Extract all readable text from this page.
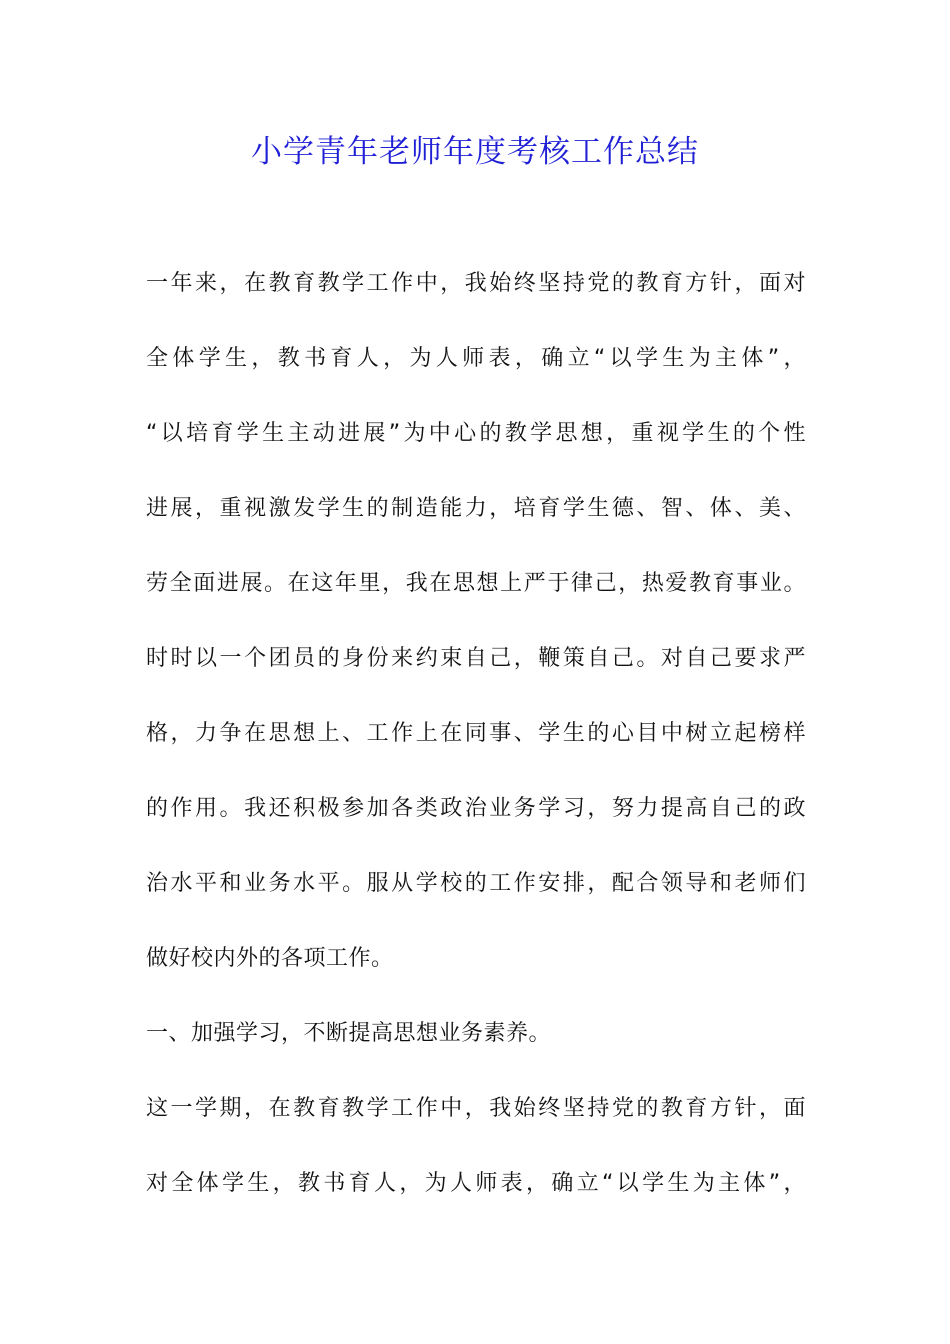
小学青年老师年度考核工作总结
一年来，在教育教学工作中，我始终坚持党的教育方针，面对
全体学生，教书育人，为人师表，确立“以学生为主体”，
“以培育学生主动进展”为中心的教学思想，重视学生的个性
进展，重视激发学生的制造能力，培育学生德、智、体、美、
劳全面进展。在这年里，我在思想上严于律己，热爱教育事业。
时时以一个团员的身份来约束自己，鞭策自己。对自己要求严
格，力争在思想上、工作上在同事、学生的心目中树立起榜样
的作用。我还积极参加各类政治业务学习，努力提高自己的政
治水平和业务水平。服从学校的工作安排，配合领导和老师们
做好校内外的各项工作。
一、加强学习，不断提高思想业务素养。
这一学期，在教育教学工作中，我始终坚持党的教育方针，面
对全体学生，教书育人，为人师表，确立“以学生为主体”，
